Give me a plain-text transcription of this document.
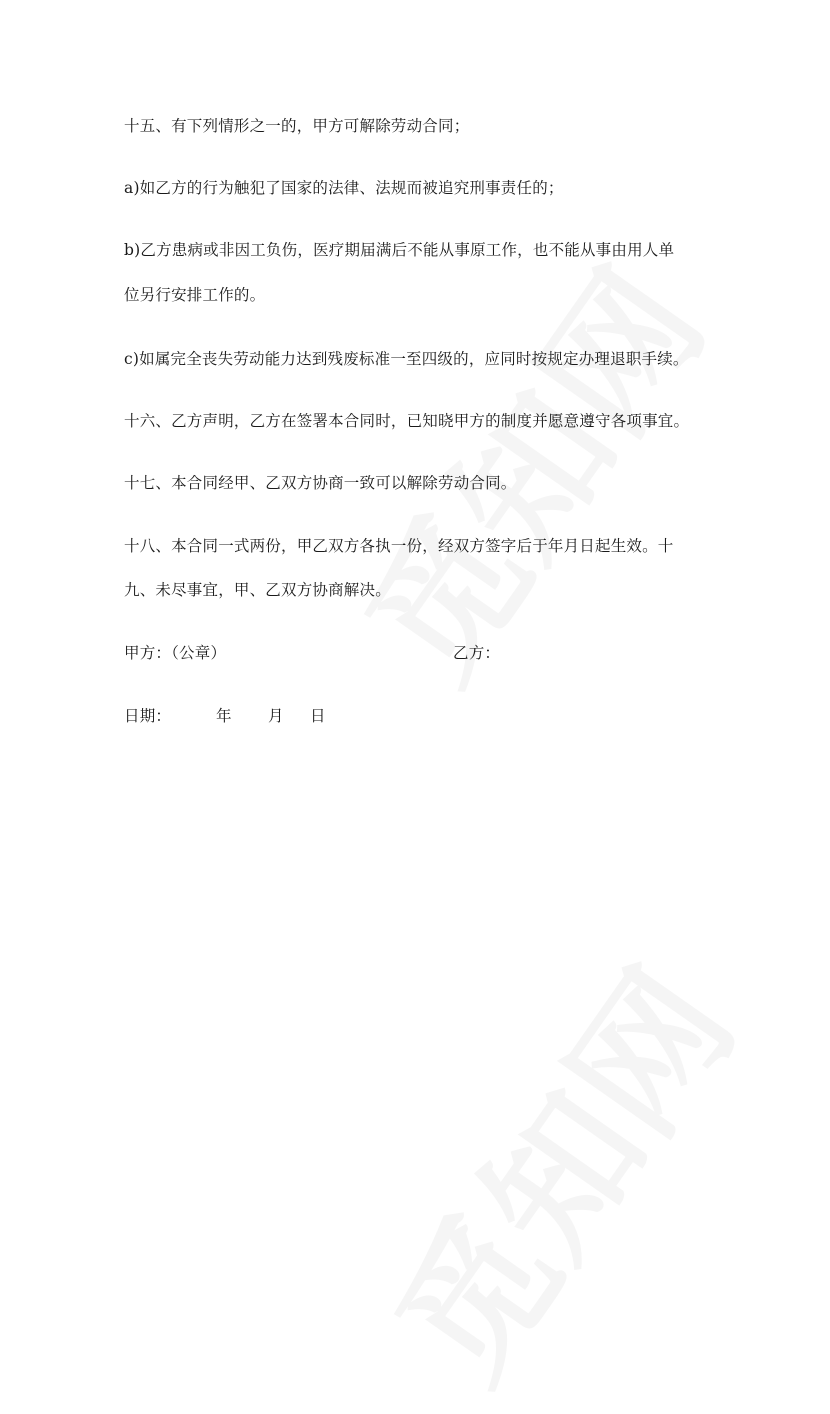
十五、有下列情形之一的，甲方可解除劳动合同；
a)如乙方的行为触犯了国家的法律、法规而被追究刑事责任的；
b)乙方患病或非因工负伤，医疗期届满后不能从事原工作，也不能从事由用人单
位另行安排工作的。
c)如属完全丧失劳动能力达到残废标准一至四级的，应同时按规定办理退职手续。
十六、乙方声明，乙方在签署本合同时，已知晓甲方的制度并愿意遵守各项事宜。
十七、本合同经甲、乙双方协商一致可以解除劳动合同。
十八、本合同一式两份，甲乙双方各执一份，经双方签字后于年月日起生效。十
九、未尽事宜，甲、乙双方协商解决。
甲方：（公章）	乙方：
日期：	年 月 日
